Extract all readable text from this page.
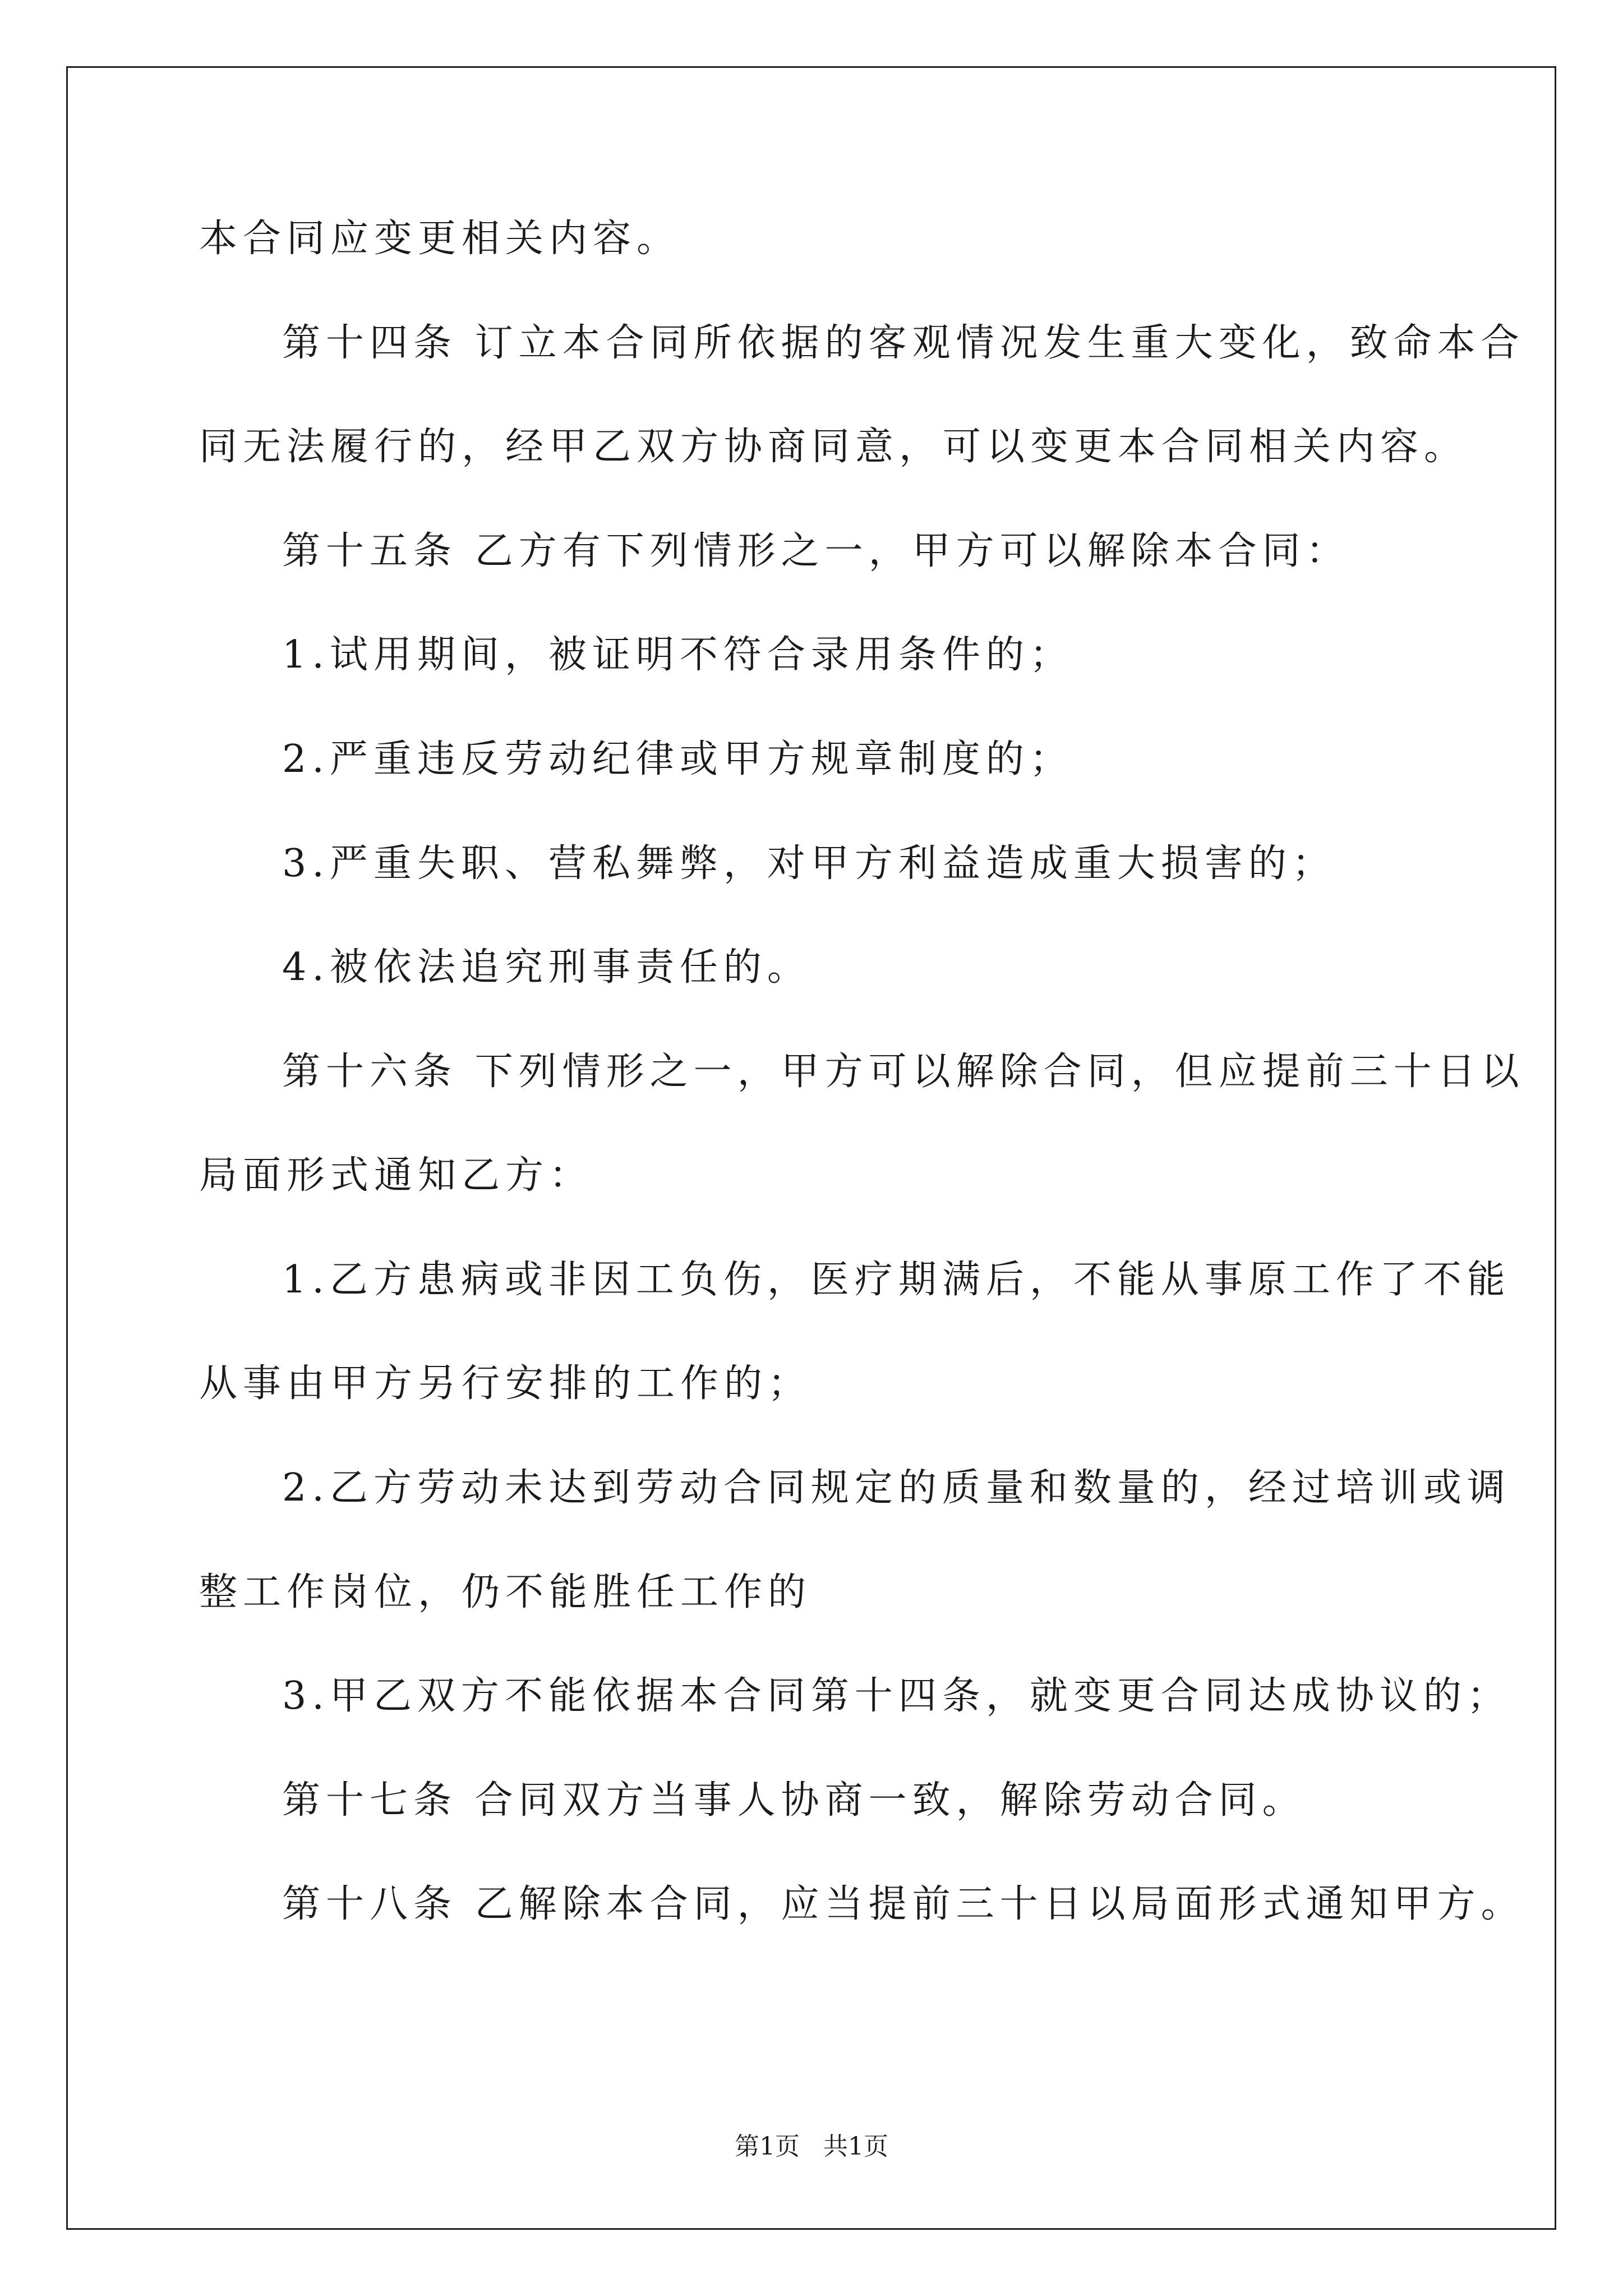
本合同应变更相关内容。

第十四条 订立本合同所依据的客观情况发生重大变化，致命本合

同无法履行的，经甲乙双方协商同意，可以变更本合同相关内容。

第十五条 乙方有下列情形之一，甲方可以解除本合同：

1.试用期间，被证明不符合录用条件的；

2.严重违反劳动纪律或甲方规章制度的；

3.严重失职、营私舞弊，对甲方利益造成重大损害的；

4.被依法追究刑事责任的。

第十六条 下列情形之一，甲方可以解除合同，但应提前三十日以

局面形式通知乙方：

1.乙方患病或非因工负伤，医疗期满后，不能从事原工作了不能

从事由甲方另行安排的工作的；

2.乙方劳动未达到劳动合同规定的质量和数量的，经过培训或调

整工作岗位，仍不能胜任工作的

3.甲乙双方不能依据本合同第十四条，就变更合同达成协议的；

第十七条 合同双方当事人协商一致，解除劳动合同。

第十八条 乙解除本合同，应当提前三十日以局面形式通知甲方。

第1页   共1页
